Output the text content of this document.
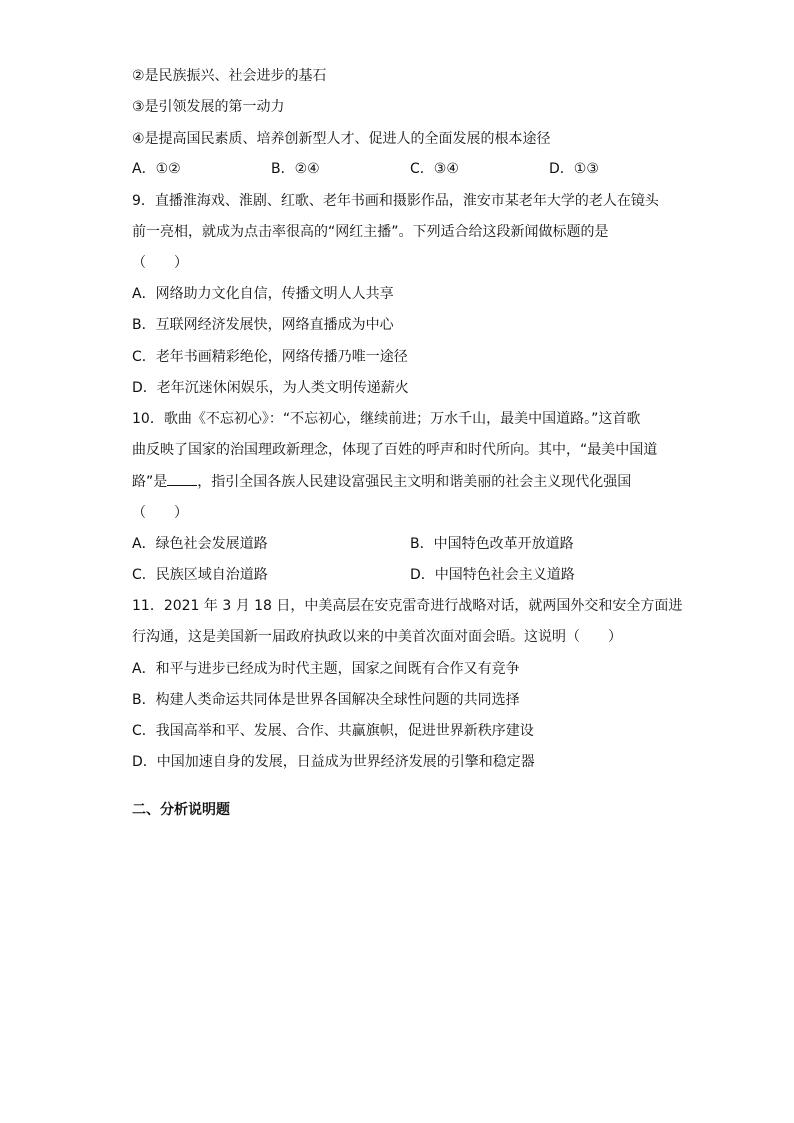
②是民族振兴、社会进步的基石
③是引领发展的第一动力
④是提高国民素质、培养创新型人才、促进人的全面发展的根本途径
A．①②	B．②④	C．③④	D．①③
9．直播淮海戏、淮剧、红歌、老年书画和摄影作品，淮安市某老年大学的老人在镜头
前一亮相，就成为点击率很高的“网红主播”。下列适合给这段新闻做标题的是
（　　）
A．网络助力文化自信，传播文明人人共享
B．互联网经济发展快，网络直播成为中心
C．老年书画精彩绝伦，网络传播乃唯一途径
D．老年沉迷休闲娱乐，为人类文明传递薪火
10．歌曲《不忘初心》：“不忘初心，继续前进；万水千山，最美中国道路。”这首歌
曲反映了国家的治国理政新理念，体现了百姓的呼声和时代所向。其中，“最美中国道
路”是 ，指引全国各族人民建设富强民主文明和谐美丽的社会主义现代化强国
（　　）
A．绿色社会发展道路	B．中国特色改革开放道路
C．民族区域自治道路	D．中国特色社会主义道路
11．2021 年 3 月 18 日，中美高层在安克雷奇进行战略对话，就两国外交和安全方面进
行沟通，这是美国新一届政府执政以来的中美首次面对面会晤。这说明（　　）
A．和平与进步已经成为时代主题，国家之间既有合作又有竞争
B．构建人类命运共同体是世界各国解决全球性问题的共同选择
C．我国高举和平、发展、合作、共赢旗帜，促进世界新秩序建设
D．中国加速自身的发展，日益成为世界经济发展的引擎和稳定器
二、分析说明题
